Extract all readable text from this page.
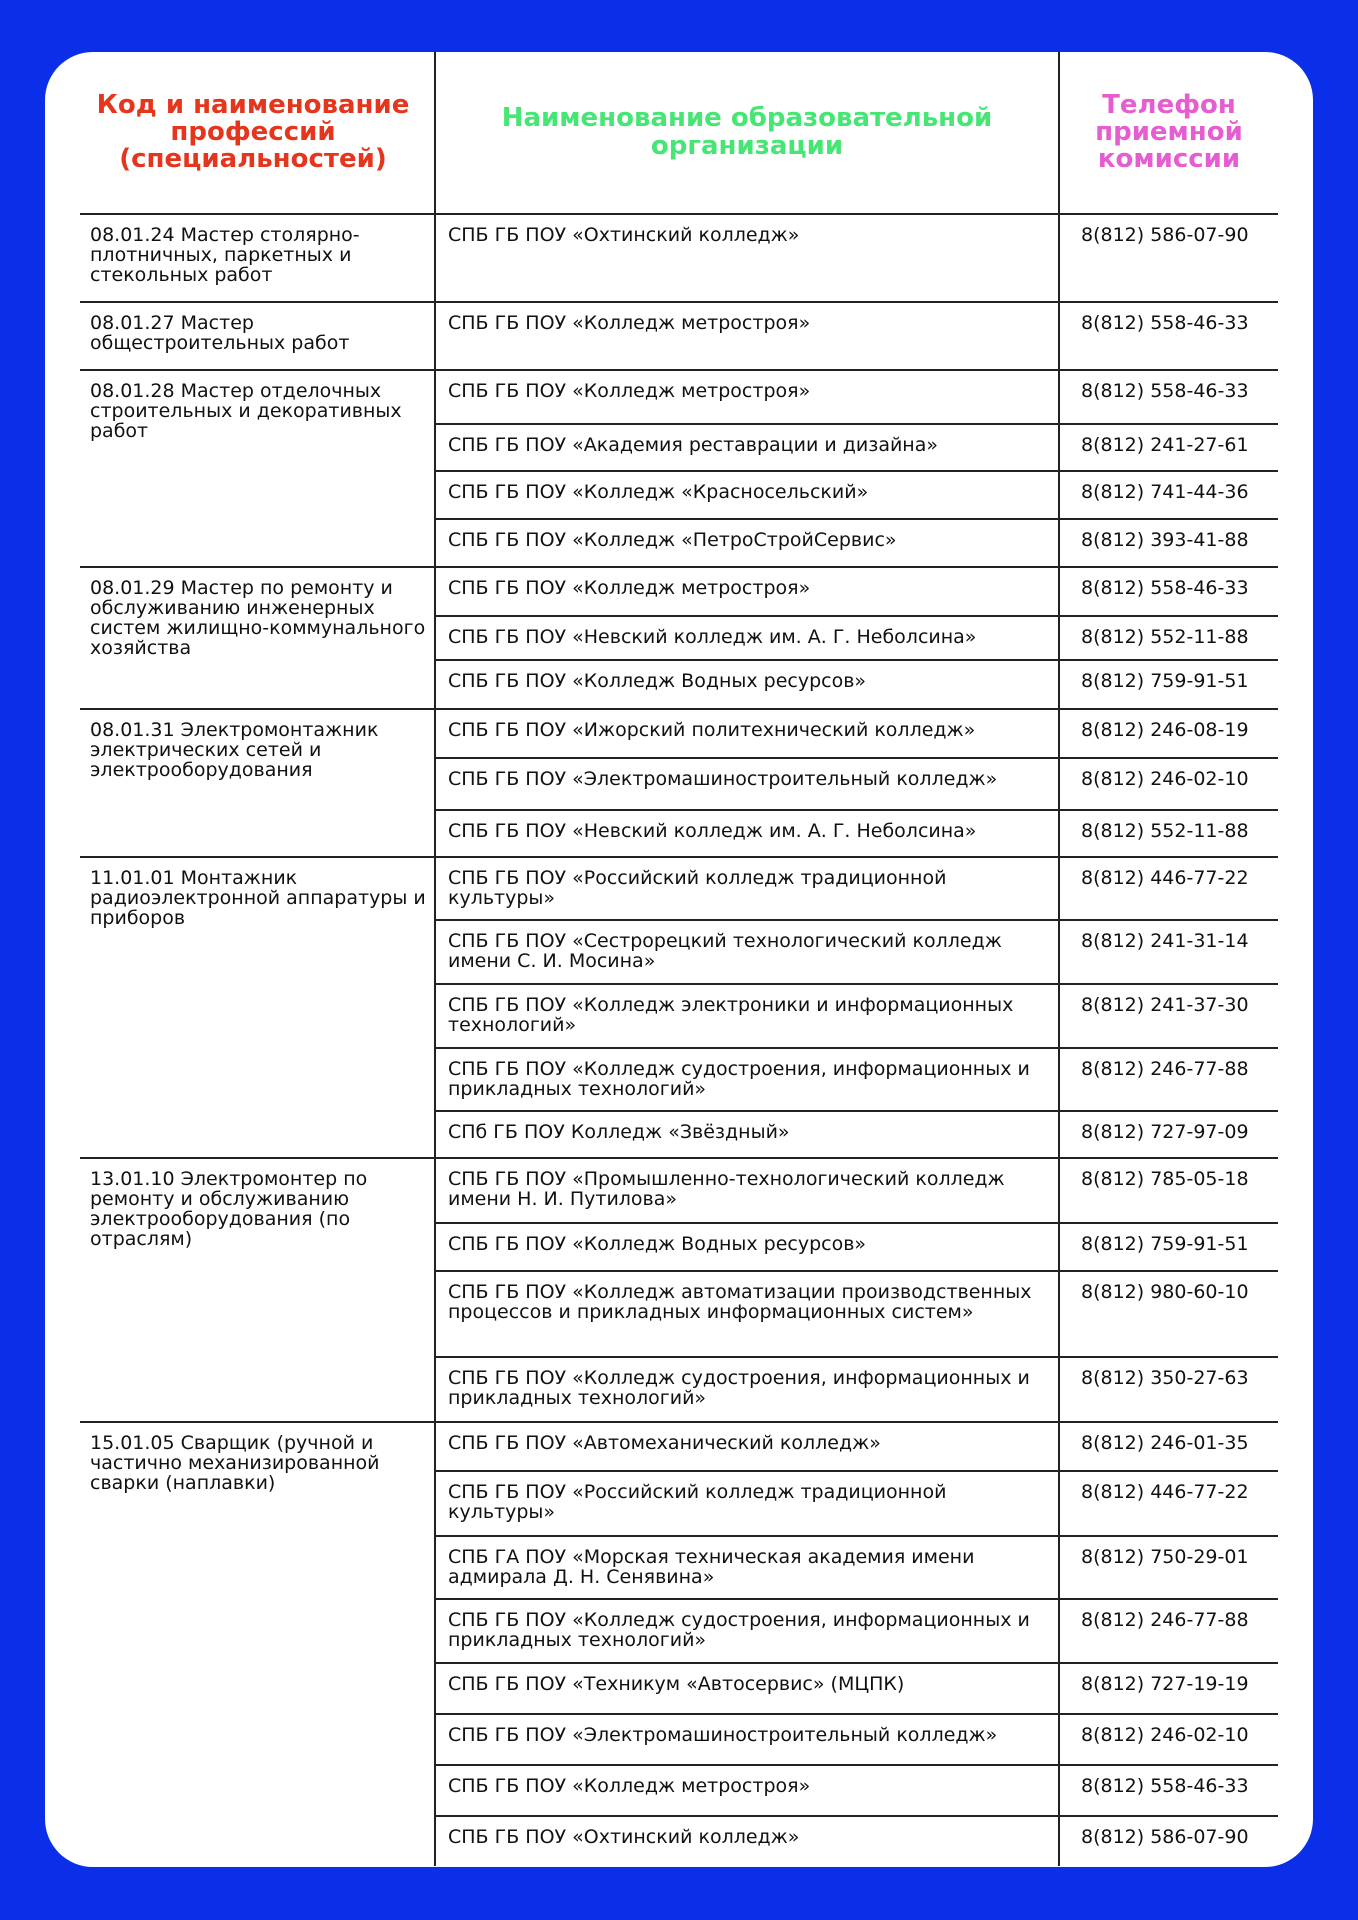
Код и наименование профессий (специальностей)	Наименование образовательной организации	Телефон приемной комиссии
08.01.24 Мастер столярно-плотничных, паркетных и стекольных работ	СПБ ГБ ПОУ «Охтинский колледж»	8(812) 586-07-90
08.01.27 Мастер общестроительных работ	СПБ ГБ ПОУ «Колледж метростроя»	8(812) 558-46-33
08.01.28 Мастер отделочных строительных и декоративных работ	СПБ ГБ ПОУ «Колледж метростроя»	8(812) 558-46-33
	СПБ ГБ ПОУ «Академия реставрации и дизайна»	8(812) 241-27-61
	СПБ ГБ ПОУ «Колледж «Красносельский»	8(812) 741-44-36
	СПБ ГБ ПОУ «Колледж «ПетроСтройСервис»	8(812) 393-41-88
08.01.29 Мастер по ремонту и обслуживанию инженерных систем жилищно-коммунального хозяйства	СПБ ГБ ПОУ «Колледж метростроя»	8(812) 558-46-33
	СПБ ГБ ПОУ «Невский колледж им. А. Г. Неболсина»	8(812) 552-11-88
	СПБ ГБ ПОУ «Колледж Водных ресурсов»	8(812) 759-91-51
08.01.31 Электромонтажник электрических сетей и электрооборудования	СПБ ГБ ПОУ «Ижорский политехнический колледж»	8(812) 246-08-19
	СПБ ГБ ПОУ «Электромашиностроительный колледж»	8(812) 246-02-10
	СПБ ГБ ПОУ «Невский колледж им. А. Г. Неболсина»	8(812) 552-11-88
11.01.01 Монтажник радиоэлектронной аппаратуры и приборов	СПБ ГБ ПОУ «Российский колледж традиционной культуры»	8(812) 446-77-22
	СПБ ГБ ПОУ «Сестрорецкий технологический колледж имени С. И. Мосина»	8(812) 241-31-14
	СПБ ГБ ПОУ «Колледж электроники и информационных технологий»	8(812) 241-37-30
	СПБ ГБ ПОУ «Колледж судостроения, информационных и прикладных технологий»	8(812) 246-77-88
	СПб ГБ ПОУ Колледж «Звёздный»	8(812) 727-97-09
13.01.10 Электромонтер по ремонту и обслуживанию электрооборудования (по отраслям)	СПБ ГБ ПОУ «Промышленно-технологический колледж имени Н. И. Путилова»	8(812) 785-05-18
	СПБ ГБ ПОУ «Колледж Водных ресурсов»	8(812) 759-91-51
	СПБ ГБ ПОУ «Колледж автоматизации производственных процессов и прикладных информационных систем»	8(812) 980-60-10
	СПБ ГБ ПОУ «Колледж судостроения, информационных и прикладных технологий»	8(812) 350-27-63
15.01.05 Сварщик (ручной и частично механизированной сварки (наплавки)	СПБ ГБ ПОУ «Автомеханический колледж»	8(812) 246-01-35
	СПБ ГБ ПОУ «Российский колледж традиционной культуры»	8(812) 446-77-22
	СПБ ГА ПОУ «Морская техническая академия имени адмирала Д. Н. Сенявина»	8(812) 750-29-01
	СПБ ГБ ПОУ «Колледж судостроения, информационных и прикладных технологий»	8(812) 246-77-88
	СПБ ГБ ПОУ «Техникум «Автосервис» (МЦПК)	8(812) 727-19-19
	СПБ ГБ ПОУ «Электромашиностроительный колледж»	8(812) 246-02-10
	СПБ ГБ ПОУ «Колледж метростроя»	8(812) 558-46-33
	СПБ ГБ ПОУ «Охтинский колледж»	8(812) 586-07-90
